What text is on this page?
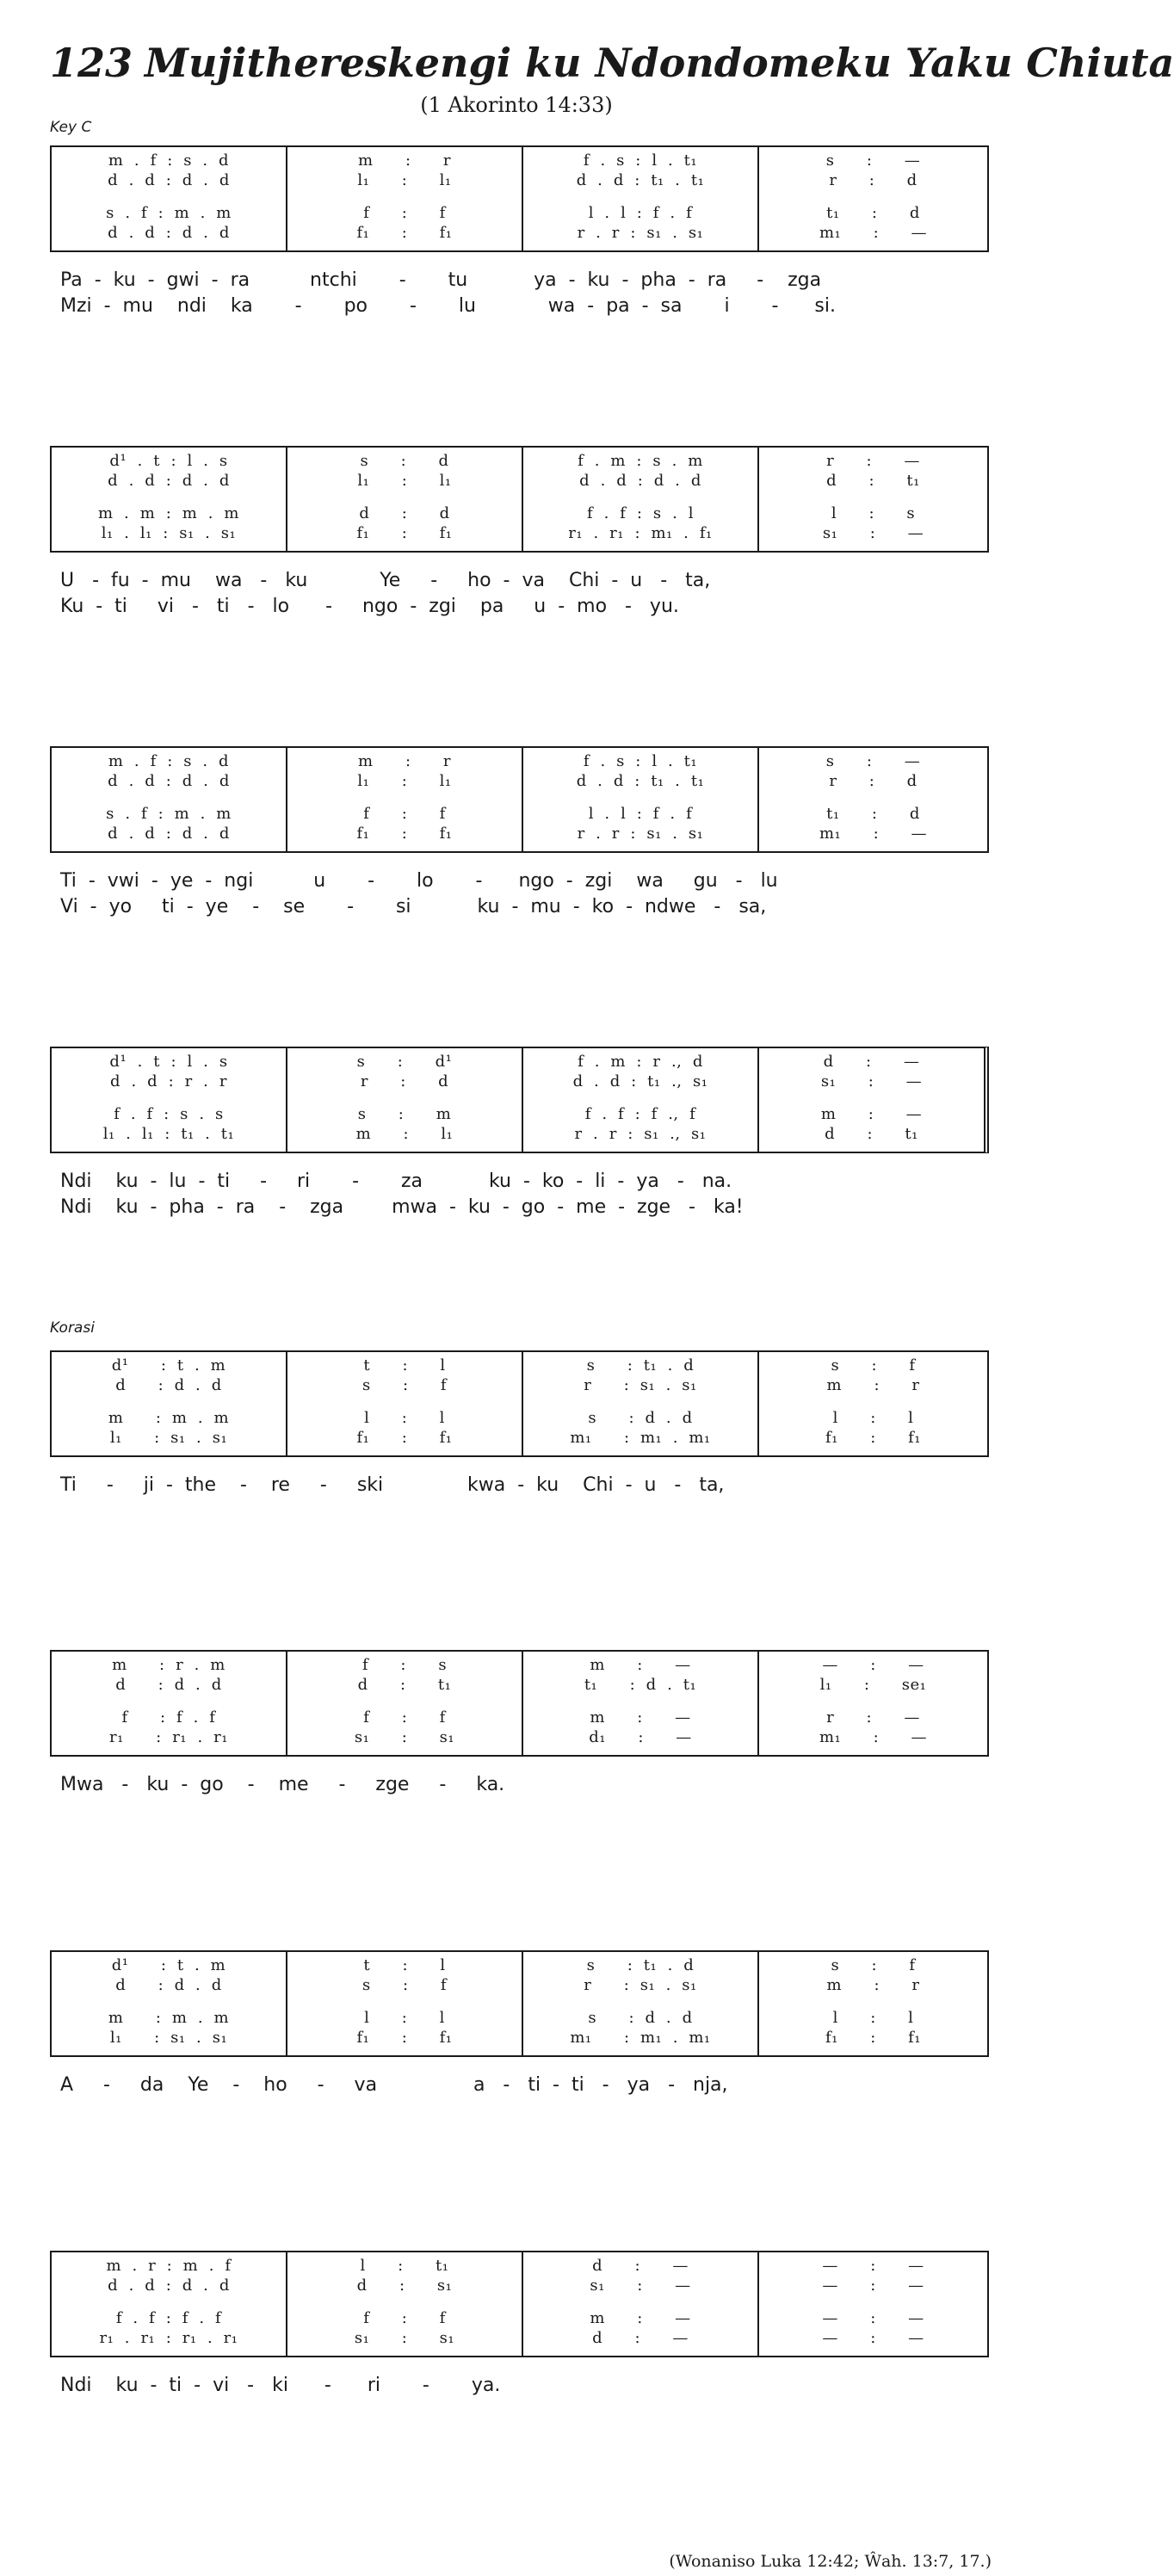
123 Mujithereskengi ku Ndondomeku Yaku Chiuta
(1 Akorinto 14:33)
Key C
Korasi
m  .  f  :  s  .  d
d  .  d  :  d  .  d
s  .  f  :  m  .  m
d  .  d  :  d  .  d
m      :      r
l₁      :      l₁
f      :      f
f₁      :      f₁
f  .  s  :  l  .  t₁
d  .  d  :  t₁  .  t₁
l  .  l  :  f  .  f
r  .  r  :  s₁  .  s₁
s      :      —
r      :      d
t₁      :      d
m₁      :      —
Pa  -  ku  -  gwi  -  ra          ntchi       -       tu           ya  -  ku  -  pha  -  ra     -    zga
Mzi  -  mu    ndi    ka       -       po       -       lu            wa  -  pa  -  sa       i       -      si.
d¹  .  t  :  l  .  s
d  .  d  :  d  .  d
m  .  m  :  m  .  m
l₁  .  l₁  :  s₁  .  s₁
s      :      d
l₁      :      l₁
d      :      d
f₁      :      f₁
f  .  m  :  s  .  m
d  .  d  :  d  .  d
f  .  f  :  s  .  l
r₁  .  r₁  :  m₁  .  f₁
r      :      —
d      :      t₁
l      :      s
s₁      :      —
U   -  fu  -  mu    wa   -   ku            Ye     -     ho  -  va    Chi  -  u   -   ta,
Ku  -  ti     vi   -   ti   -   lo      -     ngo  -  zgi    pa     u  -  mo   -   yu.
m  .  f  :  s  .  d
d  .  d  :  d  .  d
s  .  f  :  m  .  m
d  .  d  :  d  .  d
m      :      r
l₁      :      l₁
f      :      f
f₁      :      f₁
f  .  s  :  l  .  t₁
d  .  d  :  t₁  .  t₁
l  .  l  :  f  .  f
r  .  r  :  s₁  .  s₁
s      :      —
r      :      d
t₁      :      d
m₁      :      —
Ti  -  vwi  -  ye  -  ngi          u       -       lo       -      ngo  -  zgi    wa     gu   -   lu
Vi  -  yo     ti  -  ye    -    se       -       si           ku  -  mu  -  ko  -  ndwe   -   sa,
d¹  .  t  :  l  .  s
d  .  d  :  r  .  r
f  .  f  :  s  .  s
l₁  .  l₁  :  t₁  .  t₁
s      :      d¹
r      :      d
s      :      m
m      :      l₁
f  .  m  :  r  .,  d
d  .  d  :  t₁  .,  s₁
f  .  f  :  f  .,  f
r  .  r  :  s₁  .,  s₁
d      :      —
s₁      :      —
m      :      —
d      :      t₁
Ndi    ku  -  lu  -  ti     -     ri       -       za           ku  -  ko  -  li  -  ya   -   na.
Ndi    ku  -  pha  -  ra    -    zga        mwa  -  ku  -  go  -  me  -  zge   -   ka!
d¹      :  t  .  m
d      :  d  .  d
m      :  m  .  m
l₁      :  s₁  .  s₁
t      :      l
s      :      f
l      :      l
f₁      :      f₁
s      :  t₁  .  d
r      :  s₁  .  s₁
s      :  d  .  d
m₁      :  m₁  .  m₁
s      :      f
m      :      r
l      :      l
f₁      :      f₁
Ti     -     ji  -  the    -    re     -     ski              kwa  -  ku    Chi  -  u   -   ta,
m      :  r  .  m
d      :  d  .  d
f      :  f  .  f
r₁      :  r₁  .  r₁
f      :      s
d      :      t₁
f      :      f
s₁      :      s₁
m      :      —
t₁      :  d  .  t₁
m      :      —
d₁      :      —
—      :      —
l₁      :      se₁
r      :      —
m₁      :      —
Mwa   -   ku  -  go    -    me     -     zge     -     ka.
d¹      :  t  .  m
d      :  d  .  d
m      :  m  .  m
l₁      :  s₁  .  s₁
t      :      l
s      :      f
l      :      l
f₁      :      f₁
s      :  t₁  .  d
r      :  s₁  .  s₁
s      :  d  .  d
m₁      :  m₁  .  m₁
s      :      f
m      :      r
l      :      l
f₁      :      f₁
A     -     da    Ye    -    ho     -     va                a   -   ti  -  ti   -   ya   -   nja,
m  .  r  :  m  .  f
d  .  d  :  d  .  d
f  .  f  :  f  .  f
r₁  .  r₁  :  r₁  .  r₁
l      :      t₁
d      :      s₁
f      :      f
s₁      :      s₁
d      :      —
s₁      :      —
m      :      —
d      :      —
—      :      —
—      :      —
—      :      —
—      :      —
Ndi    ku  -  ti  -  vi   -   ki      -      ri       -       ya.
(Wonaniso Luka 12:42; Ŵah. 13:7, 17.)
